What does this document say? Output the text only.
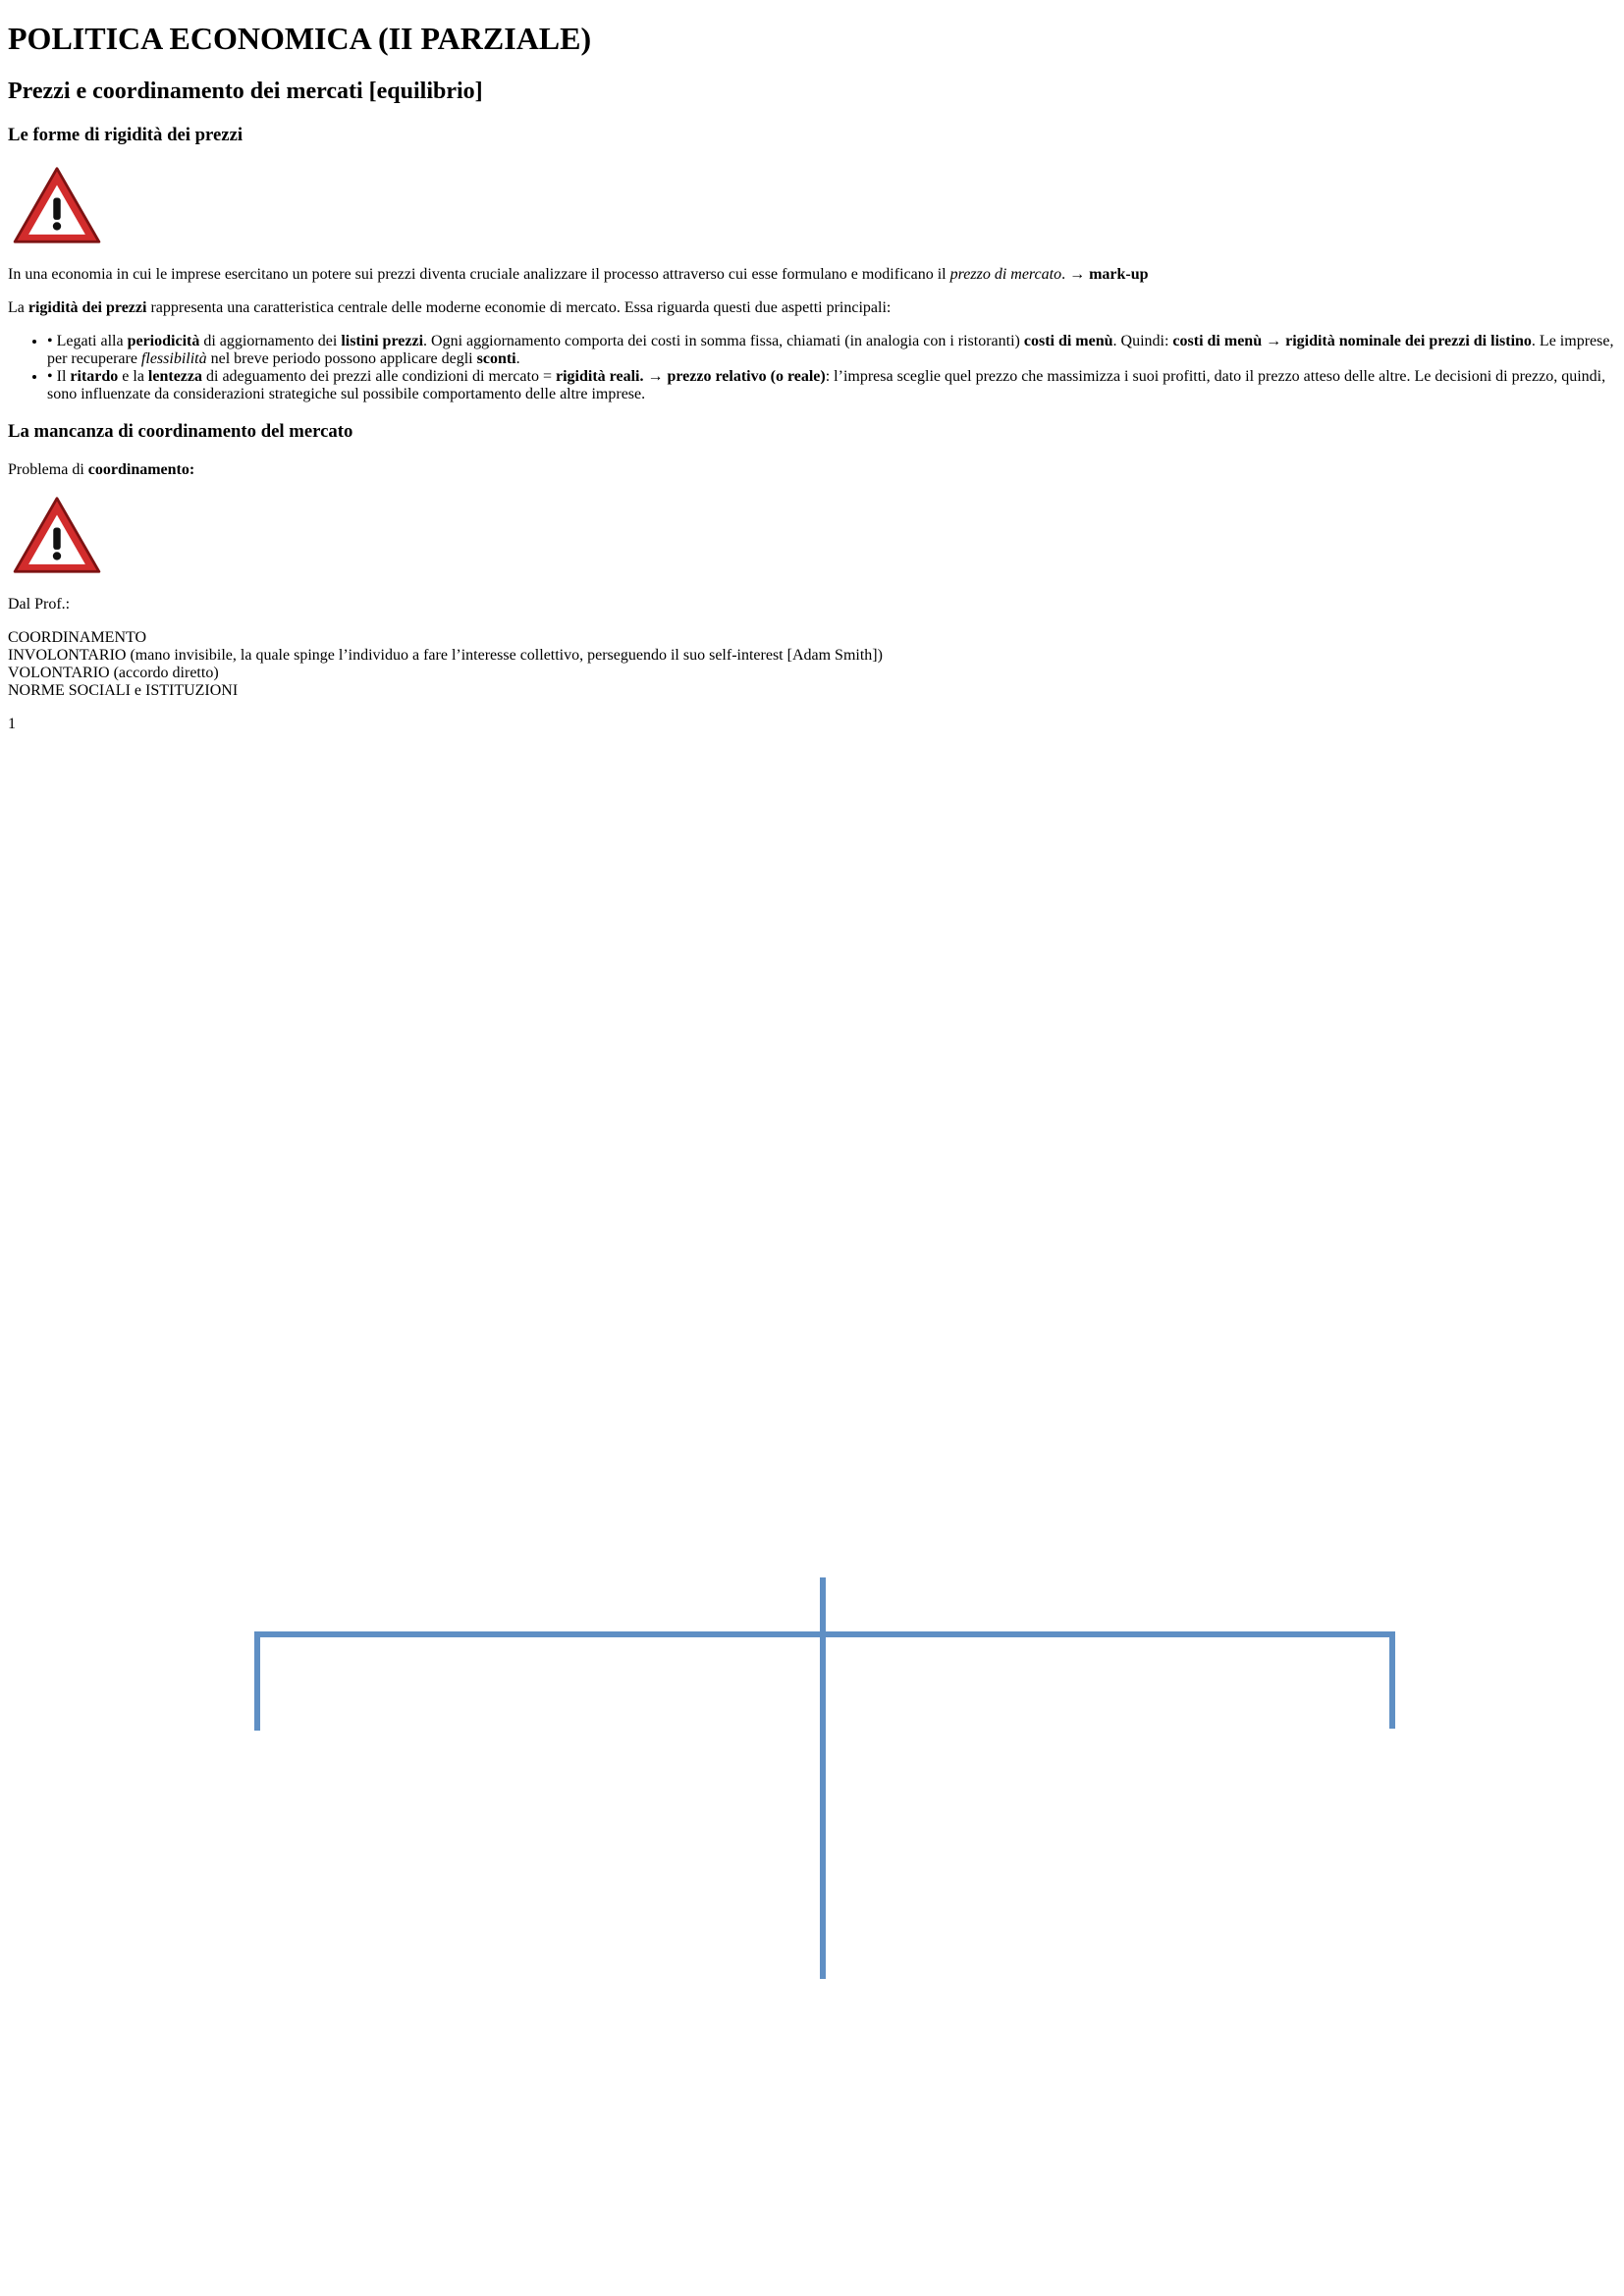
POLITICA ECONOMICA (II PARZIALE)
Prezzi e coordinamento dei mercati [equilibrio]
Le forme di rigidità dei prezzi

In una economia in cui le imprese esercitano un potere sui prezzi diventa cruciale analizzare il processo attraverso cui esse formulano e modificano il prezzo di mercato. → mark-up

La rigidità dei prezzi rappresenta una caratteristica centrale delle moderne economie di mercato. Essa riguarda questi due aspetti principali:

• • Legati alla periodicità di aggiornamento dei listini prezzi. Ogni aggiornamento comporta dei costi in somma fissa, chiamati (in analogia con i ristoranti) costi di menù. Quindi: costi di menù → rigidità nominale dei prezzi di listino. Le imprese, per recuperare flessibilità nel breve periodo possono applicare degli sconti.
• • Il ritardo e la lentezza di adeguamento dei prezzi alle condizioni di mercato = rigidità reali. → prezzo relativo (o reale): l’impresa sceglie quel prezzo che massimizza i suoi profitti, dato il prezzo atteso delle altre. Le decisioni di prezzo, quindi, sono influenzate da considerazioni strategiche sul possibile comportamento delle altre imprese.
La mancanza di coordinamento del mercato

Problema di coordinamento:

Dal Prof.:

COORDINAMENTO
INVOLONTARIO (mano invisibile, la quale spinge l’individuo a fare l’interesse collettivo, perseguendo il suo self-interest [Adam Smith])
VOLONTARIO (accordo diretto)
NORME SOCIALI e ISTITUZIONI

1
